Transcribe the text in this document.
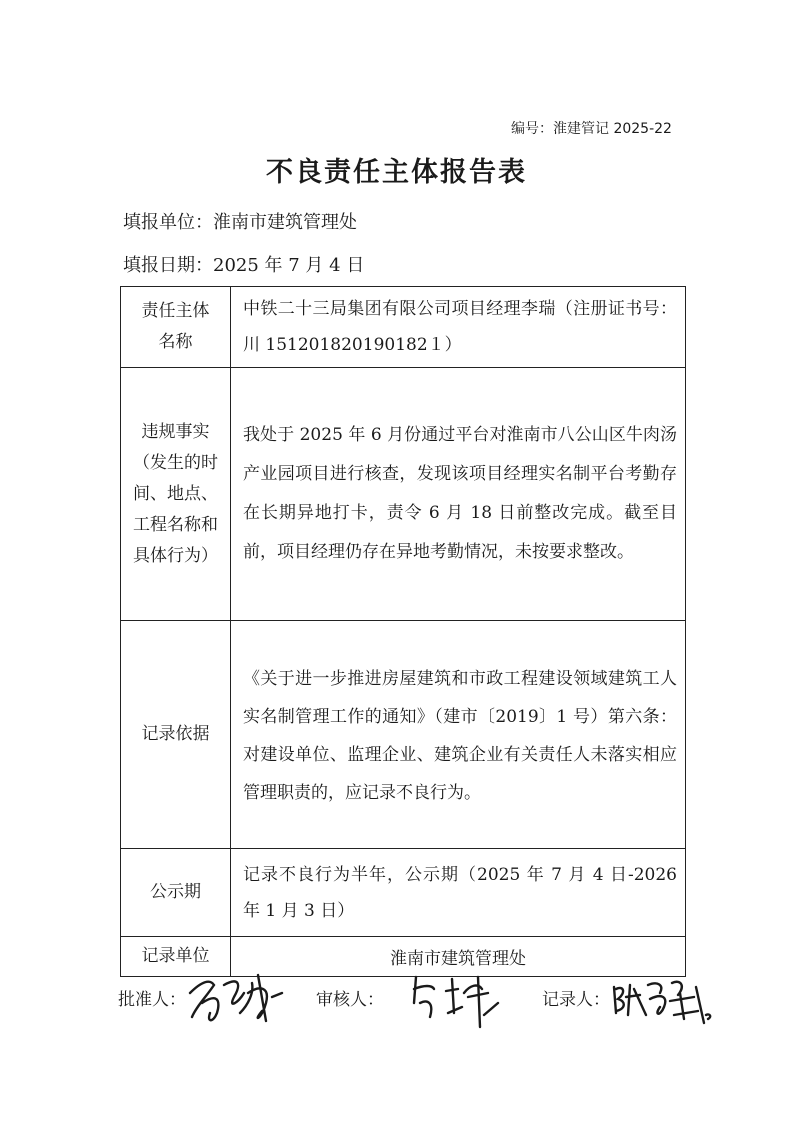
编号：淮建管记 2025-22
不良责任主体报告表
填报单位：淮南市建筑管理处
填报日期：2025 年 7 月 4 日
责任主体名称	中铁二十三局集团有限公司项目经理李瑞（注册证书号：川 151201820190182１）
违规事实（发生的时间、地点、工程名称和具体行为）	我处于 2025 年 6 月份通过平台对淮南市八公山区牛肉汤产业园项目进行核查，发现该项目经理实名制平台考勤存在长期异地打卡，责令 6 月 18 日前整改完成。截至目前，项目经理仍存在异地考勤情况，未按要求整改。
记录依据	《关于进一步推进房屋建筑和市政工程建设领域建筑工人实名制管理工作的通知》（建市〔2019〕1 号）第六条：对建设单位、监理企业、建筑企业有关责任人未落实相应管理职责的，应记录不良行为。
公示期	记录不良行为半年，公示期（2025 年 7 月 4 日-2026 年 1 月 3 日）
记录单位	淮南市建筑管理处
批准人：	审核人：	记录人：
